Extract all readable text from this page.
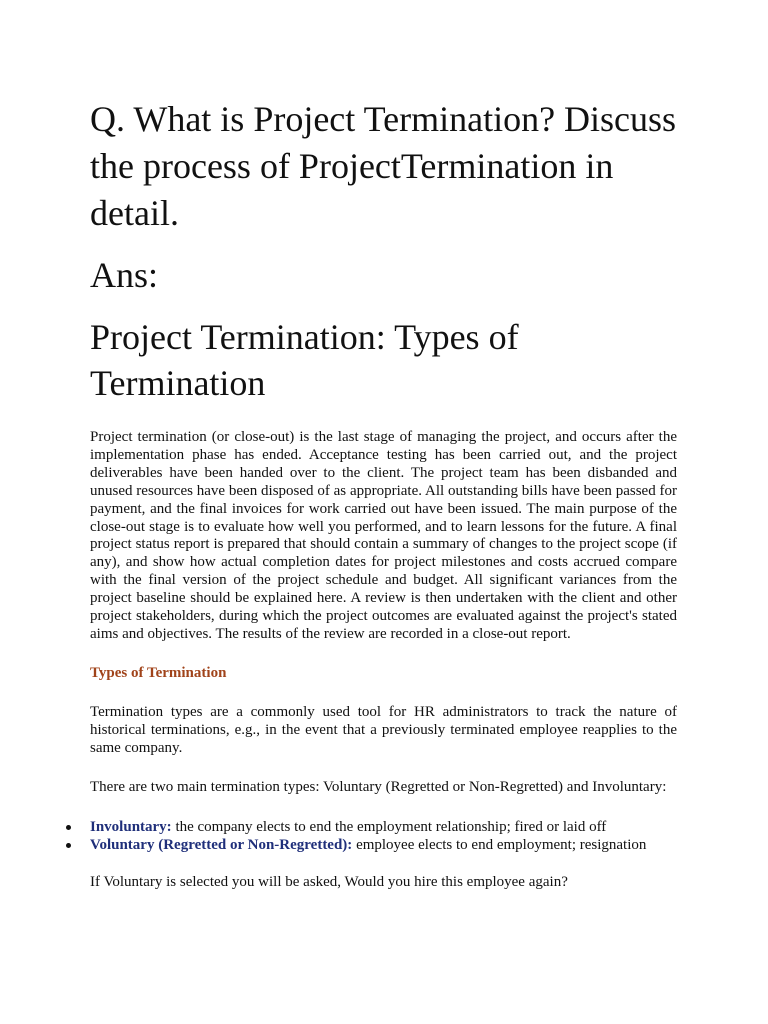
Q. What is Project Termination? Discuss the process of ProjectTermination in detail.
Ans:
Project Termination: Types of Termination

Project termination (or close-out) is the last stage of managing the project, and occurs after the implementation phase has ended. Acceptance testing has been carried out, and the project deliverables have been handed over to the client. The project team has been disbanded and unused resources have been disposed of as appropriate. All outstanding bills have been passed for payment, and the final invoices for work carried out have been issued. The main purpose of the close-out stage is to evaluate how well you performed, and to learn lessons for the future. A final project status report is prepared that should contain a summary of changes to the project scope (if any), and show how actual completion dates for project milestones and costs accrued compare with the final version of the project schedule and budget. All significant variances from the project baseline should be explained here. A review is then undertaken with the client and other project stakeholders, during which the project outcomes are evaluated against the project's stated aims and objectives. The results of the review are recorded in a close-out report.

Types of Termination

Termination types are a commonly used tool for HR administrators to track the nature of historical terminations, e.g., in the event that a previously terminated employee reapplies to the same company.

There are two main termination types: Voluntary (Regretted or Non-Regretted) and Involuntary:

Involuntary: the company elects to end the employment relationship; fired or laid off
Voluntary (Regretted or Non-Regretted): employee elects to end employment; resignation

If Voluntary is selected you will be asked, Would you hire this employee again?
